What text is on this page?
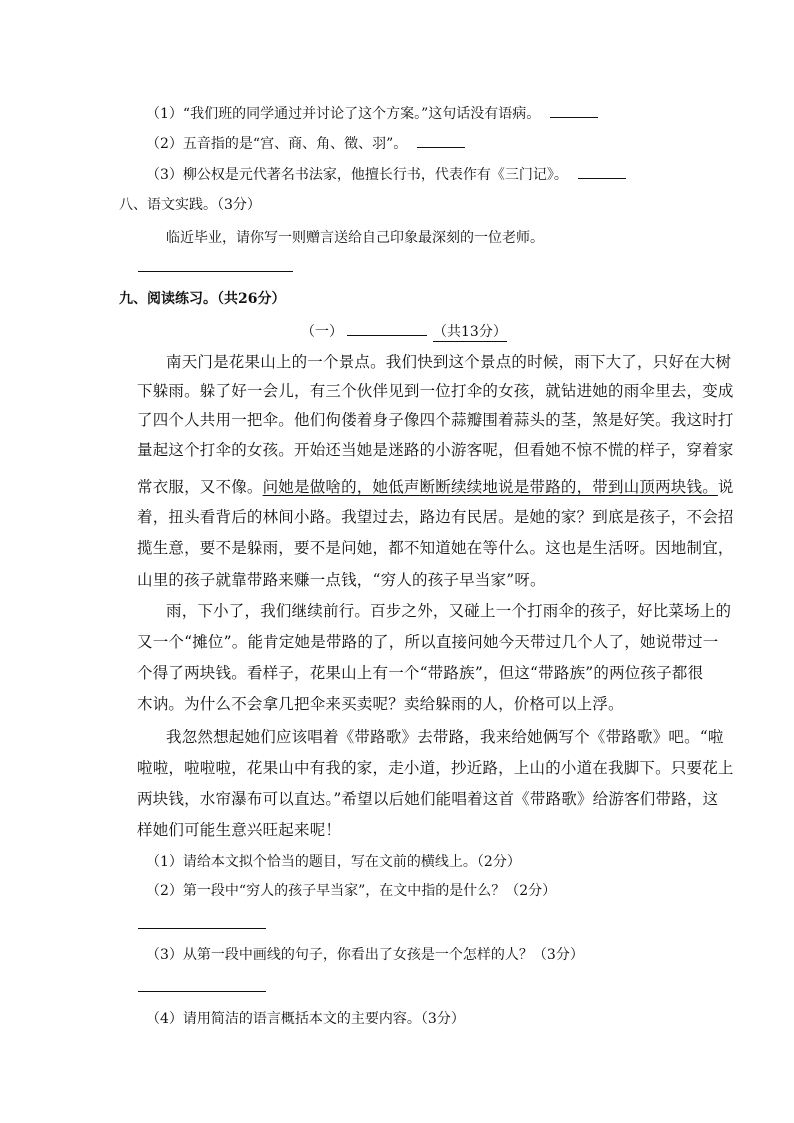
（1）“我们班的同学通过并讨论了这个方案。”这句话没有语病。
（2）五音指的是“宫、商、角、徵、羽”。
（3）柳公权是元代著名书法家，他擅长行书，代表作有《三门记》。
八、语文实践。（3分）
临近毕业，请你写一则赠言送给自己印象最深刻的一位老师。
九、阅读练习。（共26分）
（一）	（共13分）
南天门是花果山上的一个景点。我们快到这个景点的时候，雨下大了，只好在大树
下躲雨。躲了好一会儿，有三个伙伴见到一位打伞的女孩，就钻进她的雨伞里去，变成
了四个人共用一把伞。他们佝偻着身子像四个蒜瓣围着蒜头的茎，煞是好笑。我这时打
量起这个打伞的女孩。开始还当她是迷路的小游客呢，但看她不惊不慌的样子，穿着家
常衣服，又不像。问她是做啥的，她低声断断续续地说是带路的，带到山顶两块钱。说
着，扭头看背后的林间小路。我望过去，路边有民居。是她的家？到底是孩子，不会招
揽生意，要不是躲雨，要不是问她，都不知道她在等什么。这也是生活呀。因地制宜，
山里的孩子就靠带路来赚一点钱，“穷人的孩子早当家”呀。
雨，下小了，我们继续前行。百步之外，又碰上一个打雨伞的孩子，好比菜场上的
又一个“摊位”。能肯定她是带路的了，所以直接问她今天带过几个人了，她说带过一
个得了两块钱。看样子，花果山上有一个“带路族”，但这“带路族”的两位孩子都很
木讷。为什么不会拿几把伞来买卖呢？卖给躲雨的人，价格可以上浮。
我忽然想起她们应该唱着《带路歌》去带路，我来给她俩写个《带路歌》吧。“啦
啦啦，啦啦啦，花果山中有我的家，走小道，抄近路，上山的小道在我脚下。只要花上
两块钱，水帘瀑布可以直达。”希望以后她们能唱着这首《带路歌》给游客们带路，这
样她们可能生意兴旺起来呢！
（1）请给本文拟个恰当的题目，写在文前的横线上。（2分）
（2）第一段中“穷人的孩子早当家”，在文中指的是什么？（2分）
（3）从第一段中画线的句子，你看出了女孩是一个怎样的人？（3分）
（4）请用简洁的语言概括本文的主要内容。（3分）
